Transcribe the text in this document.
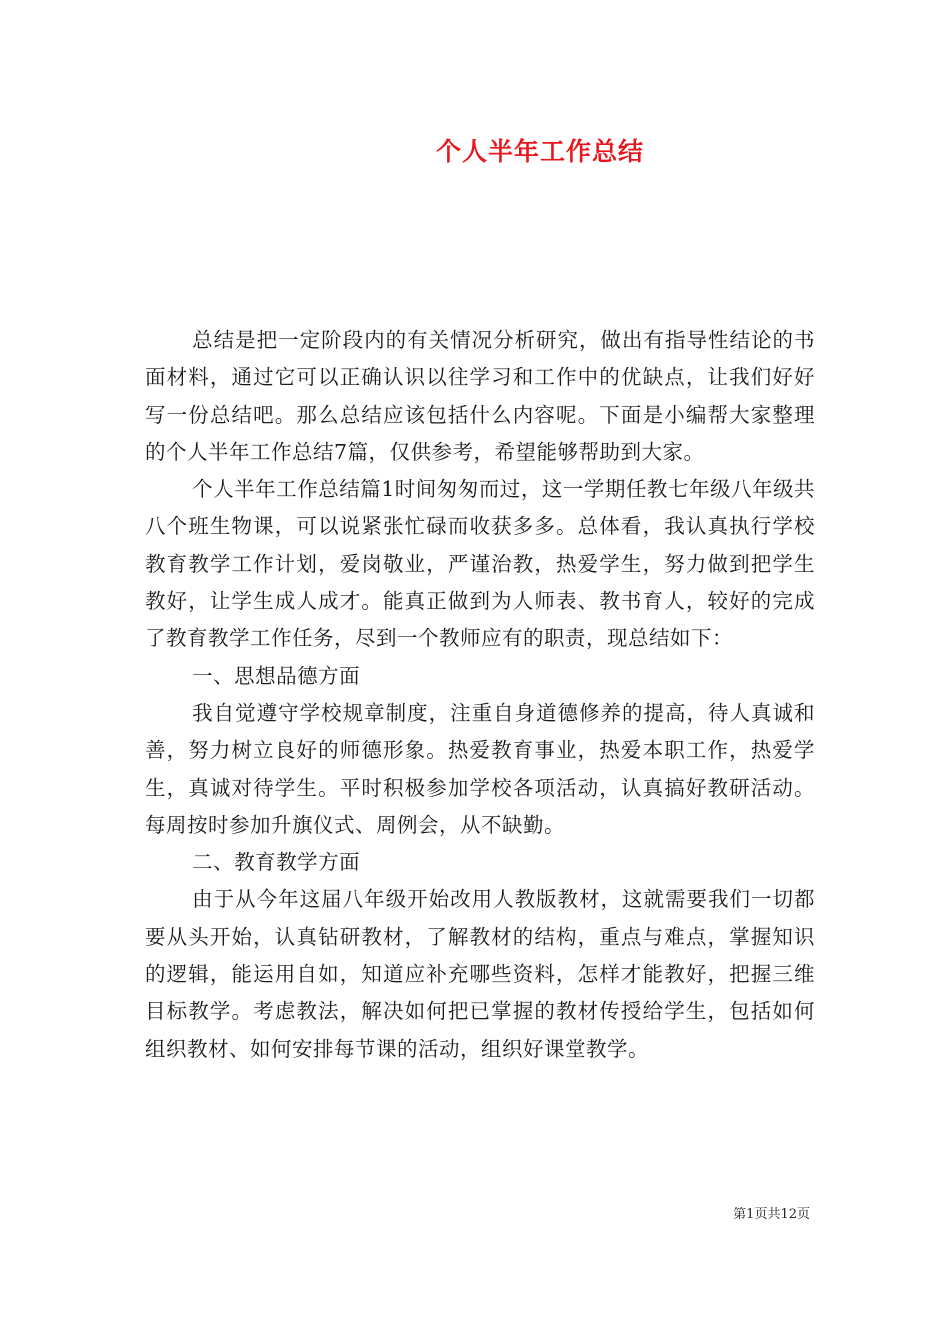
个人半年工作总结

总结是把一定阶段内的有关情况分析研究，做出有指导性结论的书面材料，通过它可以正确认识以往学习和工作中的优缺点，让我们好好写一份总结吧。那么总结应该包括什么内容呢。下面是小编帮大家整理的个人半年工作总结7篇，仅供参考，希望能够帮助到大家。

个人半年工作总结篇1时间匆匆而过，这一学期任教七年级八年级共八个班生物课，可以说紧张忙碌而收获多多。总体看，我认真执行学校教育教学工作计划，爱岗敬业，严谨治教，热爱学生，努力做到把学生教好，让学生成人成才。能真正做到为人师表、教书育人，较好的完成了教育教学工作任务，尽到一个教师应有的职责，现总结如下：

一、思想品德方面

我自觉遵守学校规章制度，注重自身道德修养的提高，待人真诚和善，努力树立良好的师德形象。热爱教育事业，热爱本职工作，热爱学生，真诚对待学生。平时积极参加学校各项活动，认真搞好教研活动。每周按时参加升旗仪式、周例会，从不缺勤。

二、教育教学方面

由于从今年这届八年级开始改用人教版教材，这就需要我们一切都要从头开始，认真钻研教材，了解教材的结构，重点与难点，掌握知识的逻辑，能运用自如，知道应补充哪些资料，怎样才能教好，把握三维目标教学。考虑教法，解决如何把已掌握的教材传授给学生，包括如何组织教材、如何安排每节课的活动，组织好课堂教学。

第1页共12页
